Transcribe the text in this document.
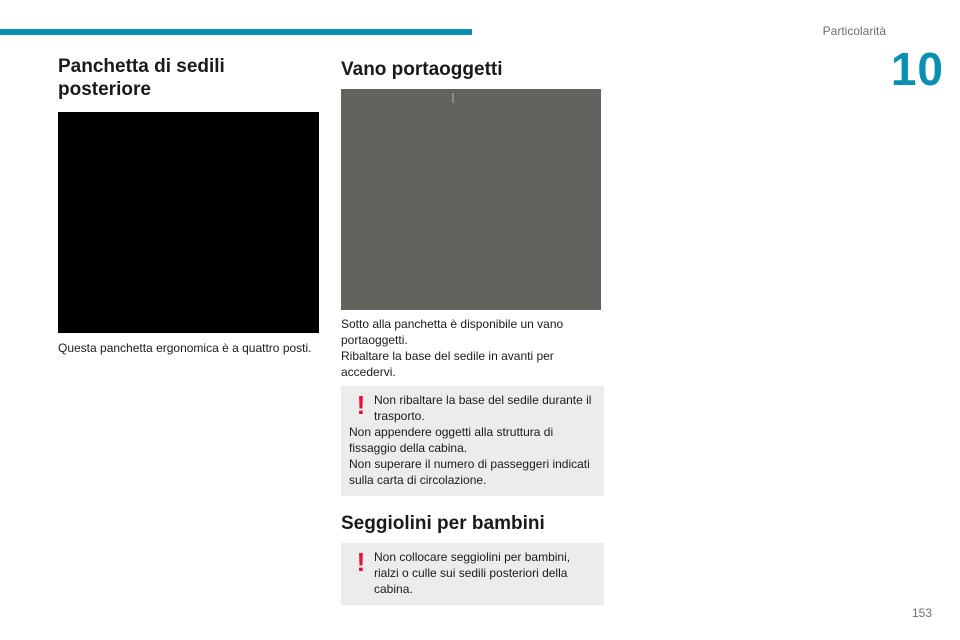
Particolarità
10
Panchetta di sedili posteriore

Questa panchetta ergonomica è a quattro posti.

Vano portaoggetti

Sotto alla panchetta è disponibile un vano portaoggetti.

Ribaltare la base del sedile in avanti per accedervi.

! Non ribaltare la base del sedile durante il trasporto.

Non appendere oggetti alla struttura di fissaggio della cabina.

Non superare il numero di passeggeri indicati sulla carta di circolazione.

Seggiolini per bambini
! Non collocare seggiolini per bambini, rialzi o culle sui sedili posteriori della cabina.

153
